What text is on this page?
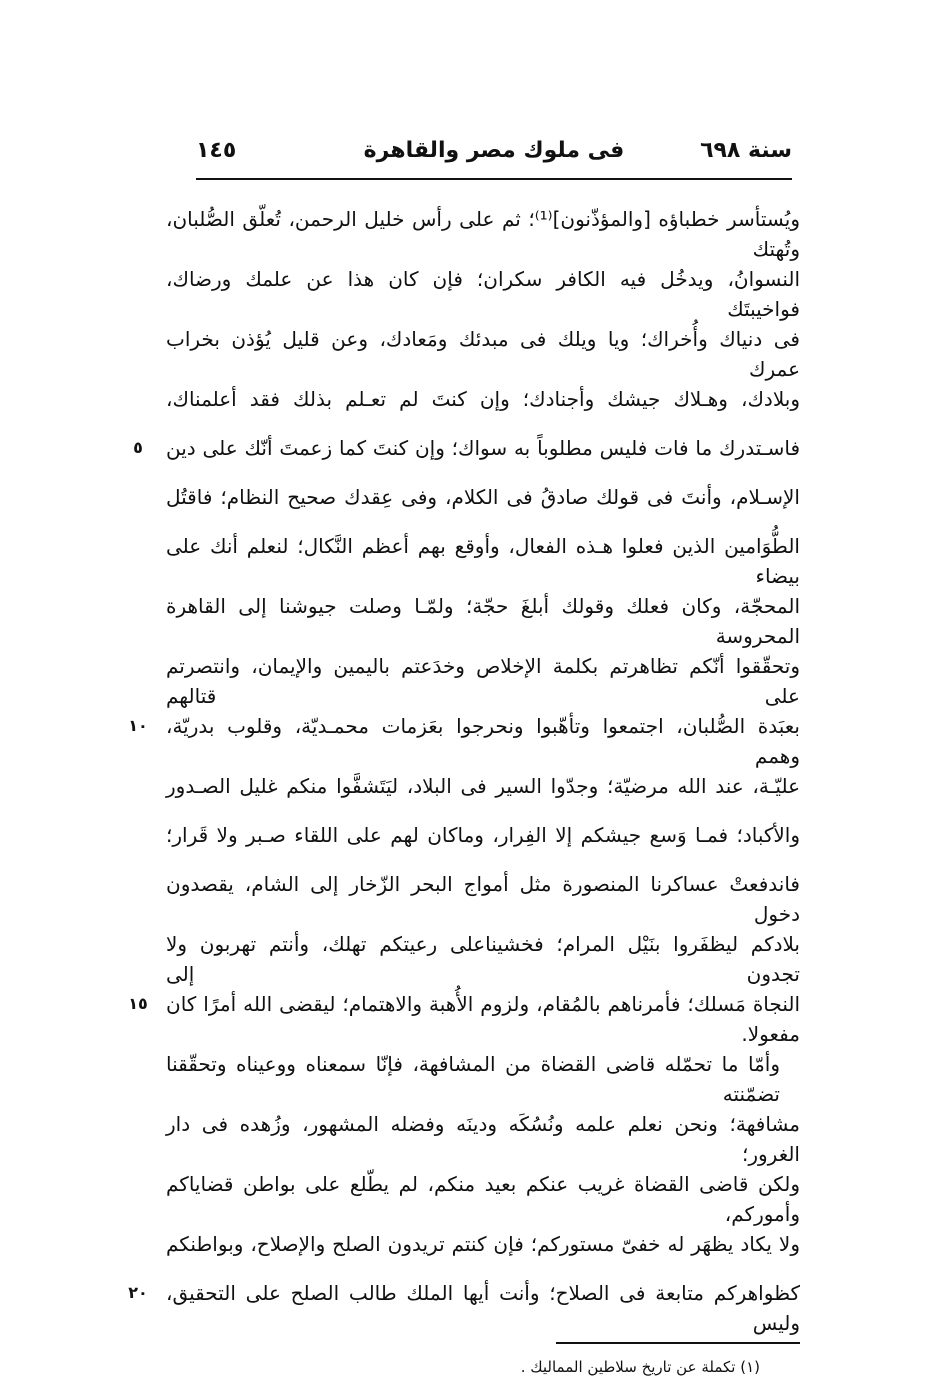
سنة ٦٩٨
فى ملوك مصر والقاهرة
١٤٥
ويُستأسر خطباؤه [والمؤذّنون]⁽¹⁾؛ ثم على رأس خليل الرحمن، تُعلّق الصُّلبان، وتُهتك
النسوانُ، ويدخُل فيه الكافر سكران؛ فإن كان هذا عن علمك ورضاك، فواخيبتَك
فى دنياك وأُخراك؛ ويا ويلك فى مبدئك ومَعادك، وعن قليل يُؤذن بخراب عمرك
وبلادك، وهـلاك جيشك وأجنادك؛ وإن كنتَ لم تعـلم بذلك فقد أعلمناك،
٥	فاسـتدرك ما فات فليس مطلوباً به سواك؛ وإن كنتَ كما زعمتَ أنّك على دين
الإسـلام، وأنتَ فى قولك صادقُ فى الكلام، وفى عِقدك صحيح النظام؛ فاقتُل
الطُّوَامين الذين فعلوا هـذه الفعال، وأوقع بهم أعظم النَّكال؛ لنعلم أنك على بيضاء
المحجّة، وكان فعلك وقولك أبلغَ حجّة؛ ولمّـا وصلت جيوشنا إلى القاهرة المحروسة
وتحقّقوا أنّكم تظاهرتم بكلمة الإخلاص وخدَعتم باليمين والإيمان، وانتصرتم على قتالهم
١٠ بعبَدة الصُّلبان، اجتمعوا وتأهّبوا ونحرجوا بعَزمات محمـديّة، وقلوب بدريّة، وهمم
عليّـة، عند الله مرضيّة؛ وجدّوا السير فى البلاد، ليَتَشفَّوا منكم غليل الصـدور
والأكباد؛ فمـا وَسع جيشكم إلا الفِرار، وماكان لهم على اللقاء صـبر ولا قَرار؛
فاندفعتْ عساكرنا المنصورة مثل أمواج البحر الزّخار إلى الشام، يقصدون دخول
بلادكم ليظفَروا بنَيْل المرام؛ فخشيناعلى رعيتكم تهلك، وأنتم تهربون ولا تجدون إلى
١٥ النجاة مَسلك؛ فأمرناهم بالمُقام، ولزوم الأُهبة والاهتمام؛ ليقضى الله أمرًا كان مفعولا.
وأمّا ما تحمّله قاضى القضاة من المشافهة، فإنّا سمعناه ووعيناه وتحقّقنا تضمّنته
مشافهة؛ ونحن نعلم علمه ونُسُكَه ودينَه وفضله المشهور، وزُهده فى دار الغرور؛
ولكن قاضى القضاة غريب عنكم بعيد منكم، لم يطّلع على بواطن قضاياكم وأموركم،
ولا يكاد يظهَر له خفىّ مستوركم؛ فإن كنتم تريدون الصلح والإصلاح، وبواطنكم
٢٠ كظواهركم متابعة فى الصلاح؛ وأنت أيها الملك طالب الصلح على التحقيق، وليس
(١) تكملة عن تاريخ سلاطين المماليك .
